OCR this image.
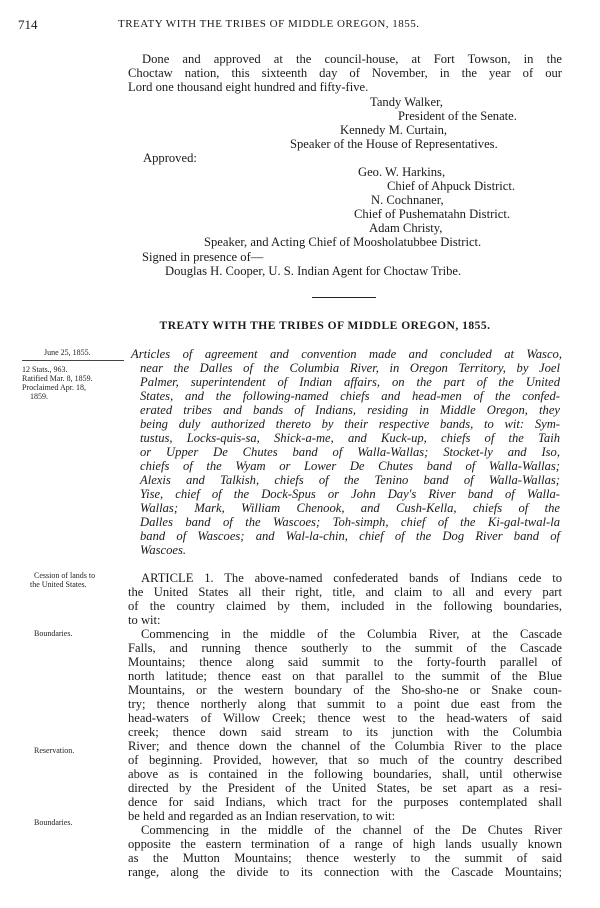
714	TREATY WITH THE TRIBES OF MIDDLE OREGON, 1855.
Done and approved at the council-house, at Fort Towson, in the
Choctaw nation, this sixteenth day of November, in the year of our
Lord one thousand eight hundred and fifty-five.
Tandy Walker,
President of the Senate.
Kennedy M. Curtain,
Speaker of the House of Representatives.
Approved:
Geo. W. Harkins,
Chief of Ahpuck District.
N. Cochnaner,
Chief of Pushematahn District.
Adam Christy,
Speaker, and Acting Chief of Moosholatubbee District.
Signed in presence of—
Douglas H. Cooper, U. S. Indian Agent for Choctaw Tribe.
TREATY WITH THE TRIBES OF MIDDLE OREGON, 1855.
June 25, 1855.
12 Stats., 963.
Ratified Mar. 8, 1859.
Proclaimed Apr. 18,
1859.
Cession of lands to
the United States.
Boundaries.
Reservation.
Boundaries.
Articles of agreement and convention made and concluded at Wasco,
near the Dalles of the Columbia River, in Oregon Territory, by Joel
Palmer, superintendent of Indian affairs, on the part of the United
States, and the following-named chiefs and head-men of the confed-
erated tribes and bands of Indians, residing in Middle Oregon, they
being duly authorized thereto by their respective bands, to wit: Sym-
tustus, Locks-quis-sa, Shick-a-me, and Kuck-up, chiefs of the Taih
or Upper De Chutes band of Walla-Wallas; Stocket-ly and Iso,
chiefs of the Wyam or Lower De Chutes band of Walla-Wallas;
Alexis and Talkish, chiefs of the Tenino band of Walla-Wallas;
Yise, chief of the Dock-Spus or John Day's River band of Walla-
Wallas; Mark, William Chenook, and Cush-Kella, chiefs of the
Dalles band of the Wascoes; Toh-simph, chief of the Ki-gal-twal-la
band of Wascoes; and Wal-la-chin, chief of the Dog River band of
Wascoes.
ARTICLE 1. The above-named confederated bands of Indians cede to
the United States all their right, title, and claim to all and every part
of the country claimed by them, included in the following boundaries,
to wit:
Commencing in the middle of the Columbia River, at the Cascade
Falls, and running thence southerly to the summit of the Cascade
Mountains; thence along said summit to the forty-fourth parallel of
north latitude; thence east on that parallel to the summit of the Blue
Mountains, or the western boundary of the Sho-sho-ne or Snake coun-
try; thence northerly along that summit to a point due east from the
head-waters of Willow Creek; thence west to the head-waters of said
creek; thence down said stream to its junction with the Columbia
River; and thence down the channel of the Columbia River to the place
of beginning. Provided, however, that so much of the country described
above as is contained in the following boundaries, shall, until otherwise
directed by the President of the United States, be set apart as a resi-
dence for said Indians, which tract for the purposes contemplated shall
be held and regarded as an Indian reservation, to wit:
Commencing in the middle of the channel of the De Chutes River
opposite the eastern termination of a range of high lands usually known
as the Mutton Mountains; thence westerly to the summit of said
range, along the divide to its connection with the Cascade Mountains;
